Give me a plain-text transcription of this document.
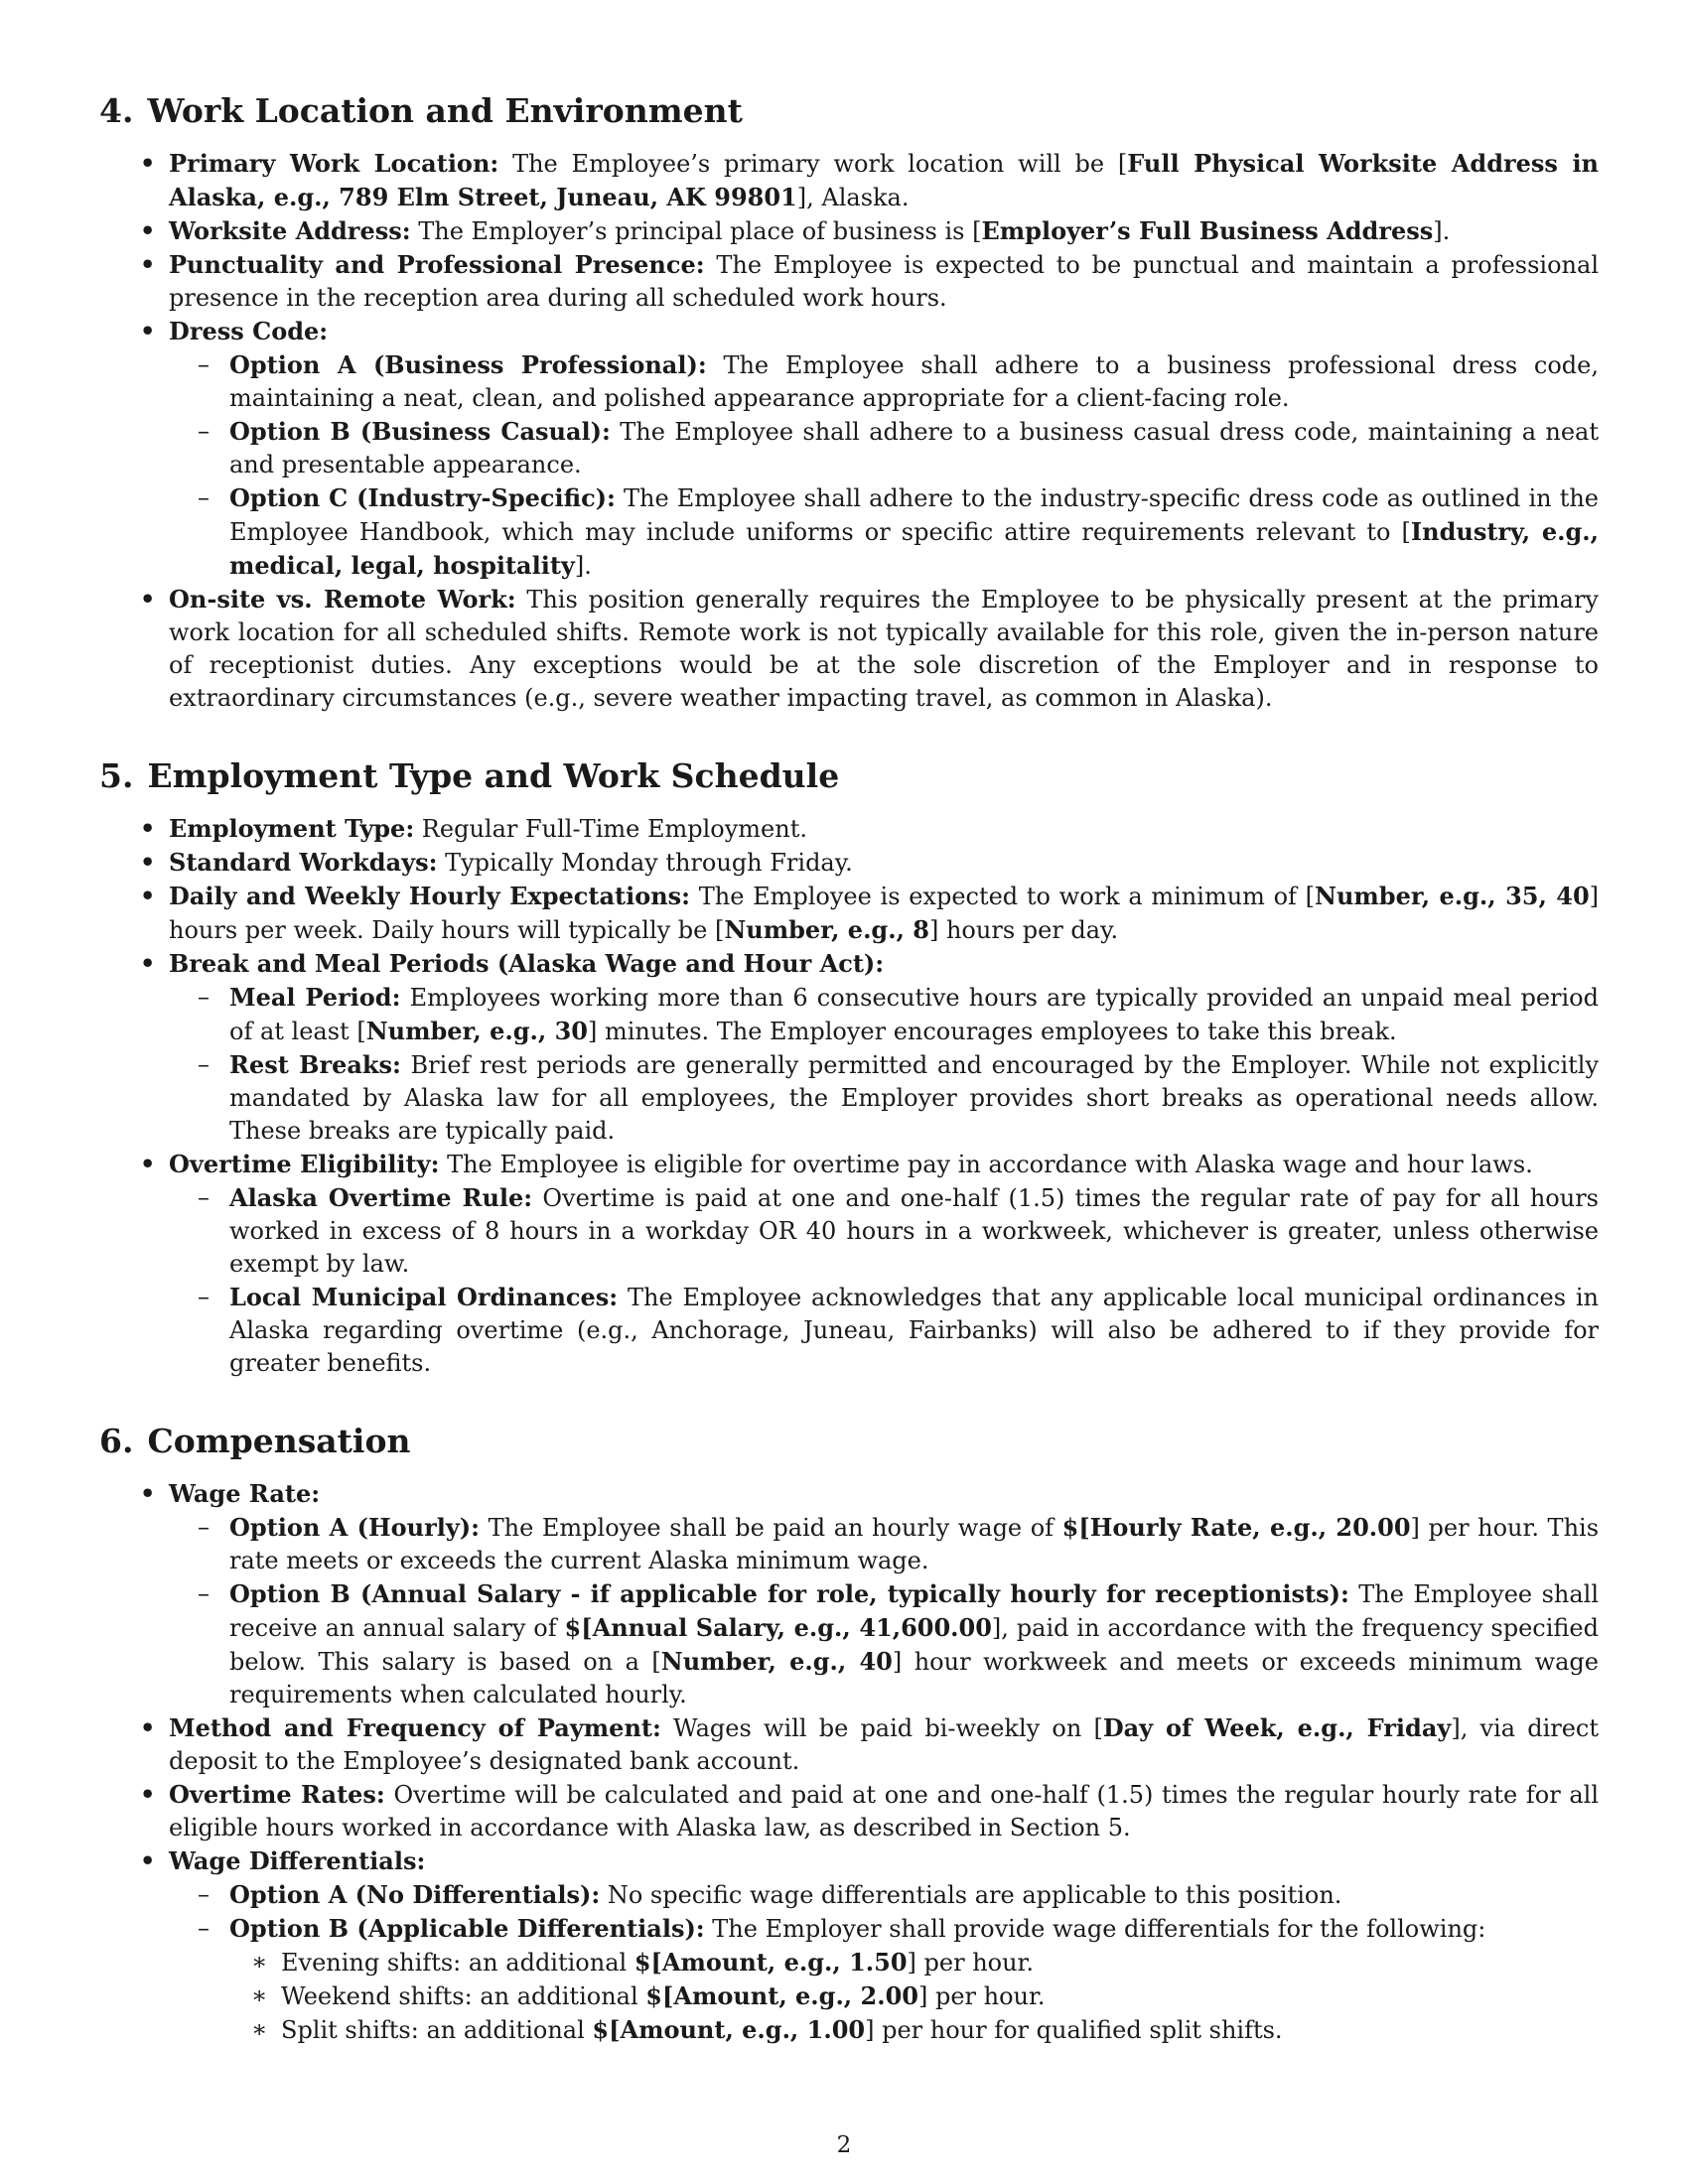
4. Work Location and Environment
• Primary Work Location: The Employee’s primary work location will be [Full Physical Worksite Address in Alaska, e.g., 789 Elm Street, Juneau, AK 99801], Alaska.
• Worksite Address: The Employer’s principal place of business is [Employer’s Full Business Address].
• Punctuality and Professional Presence: The Employee is expected to be punctual and maintain a professional presence in the reception area during all scheduled work hours.
• Dress Code:
– Option A (Business Professional): The Employee shall adhere to a business professional dress code, maintaining a neat, clean, and polished appearance appropriate for a client-facing role.
– Option B (Business Casual): The Employee shall adhere to a business casual dress code, maintaining a neat and presentable appearance.
– Option C (Industry-Specific): The Employee shall adhere to the industry-specific dress code as outlined in the Employee Handbook, which may include uniforms or specific attire requirements relevant to [Industry, e.g., medical, legal, hospitality].
• On-site vs. Remote Work: This position generally requires the Employee to be physically present at the primary work location for all scheduled shifts. Remote work is not typically available for this role, given the in-person nature of receptionist duties. Any exceptions would be at the sole discretion of the Employer and in response to extraordinary circumstances (e.g., severe weather impacting travel, as common in Alaska).
5. Employment Type and Work Schedule
• Employment Type: Regular Full-Time Employment.
• Standard Workdays: Typically Monday through Friday.
• Daily and Weekly Hourly Expectations: The Employee is expected to work a minimum of [Number, e.g., 35, 40] hours per week. Daily hours will typically be [Number, e.g., 8] hours per day.
• Break and Meal Periods (Alaska Wage and Hour Act):
– Meal Period: Employees working more than 6 consecutive hours are typically provided an unpaid meal period of at least [Number, e.g., 30] minutes. The Employer encourages employees to take this break.
– Rest Breaks: Brief rest periods are generally permitted and encouraged by the Employer. While not explicitly mandated by Alaska law for all employees, the Employer provides short breaks as operational needs allow. These breaks are typically paid.
• Overtime Eligibility: The Employee is eligible for overtime pay in accordance with Alaska wage and hour laws.
– Alaska Overtime Rule: Overtime is paid at one and one-half (1.5) times the regular rate of pay for all hours worked in excess of 8 hours in a workday OR 40 hours in a workweek, whichever is greater, unless otherwise exempt by law.
– Local Municipal Ordinances: The Employee acknowledges that any applicable local municipal ordinances in Alaska regarding overtime (e.g., Anchorage, Juneau, Fairbanks) will also be adhered to if they provide for greater benefits.
6. Compensation
• Wage Rate:
– Option A (Hourly): The Employee shall be paid an hourly wage of $[Hourly Rate, e.g., 20.00] per hour. This rate meets or exceeds the current Alaska minimum wage.
– Option B (Annual Salary - if applicable for role, typically hourly for receptionists): The Employee shall receive an annual salary of $[Annual Salary, e.g., 41,600.00], paid in accordance with the frequency specified below. This salary is based on a [Number, e.g., 40] hour workweek and meets or exceeds minimum wage requirements when calculated hourly.
• Method and Frequency of Payment: Wages will be paid bi-weekly on [Day of Week, e.g., Friday], via direct deposit to the Employee’s designated bank account.
• Overtime Rates: Overtime will be calculated and paid at one and one-half (1.5) times the regular hourly rate for all eligible hours worked in accordance with Alaska law, as described in Section 5.
• Wage Differentials:
– Option A (No Differentials): No specific wage differentials are applicable to this position.
– Option B (Applicable Differentials): The Employer shall provide wage differentials for the following:
∗ Evening shifts: an additional $[Amount, e.g., 1.50] per hour.
∗ Weekend shifts: an additional $[Amount, e.g., 2.00] per hour.
∗ Split shifts: an additional $[Amount, e.g., 1.00] per hour for qualified split shifts.
2
